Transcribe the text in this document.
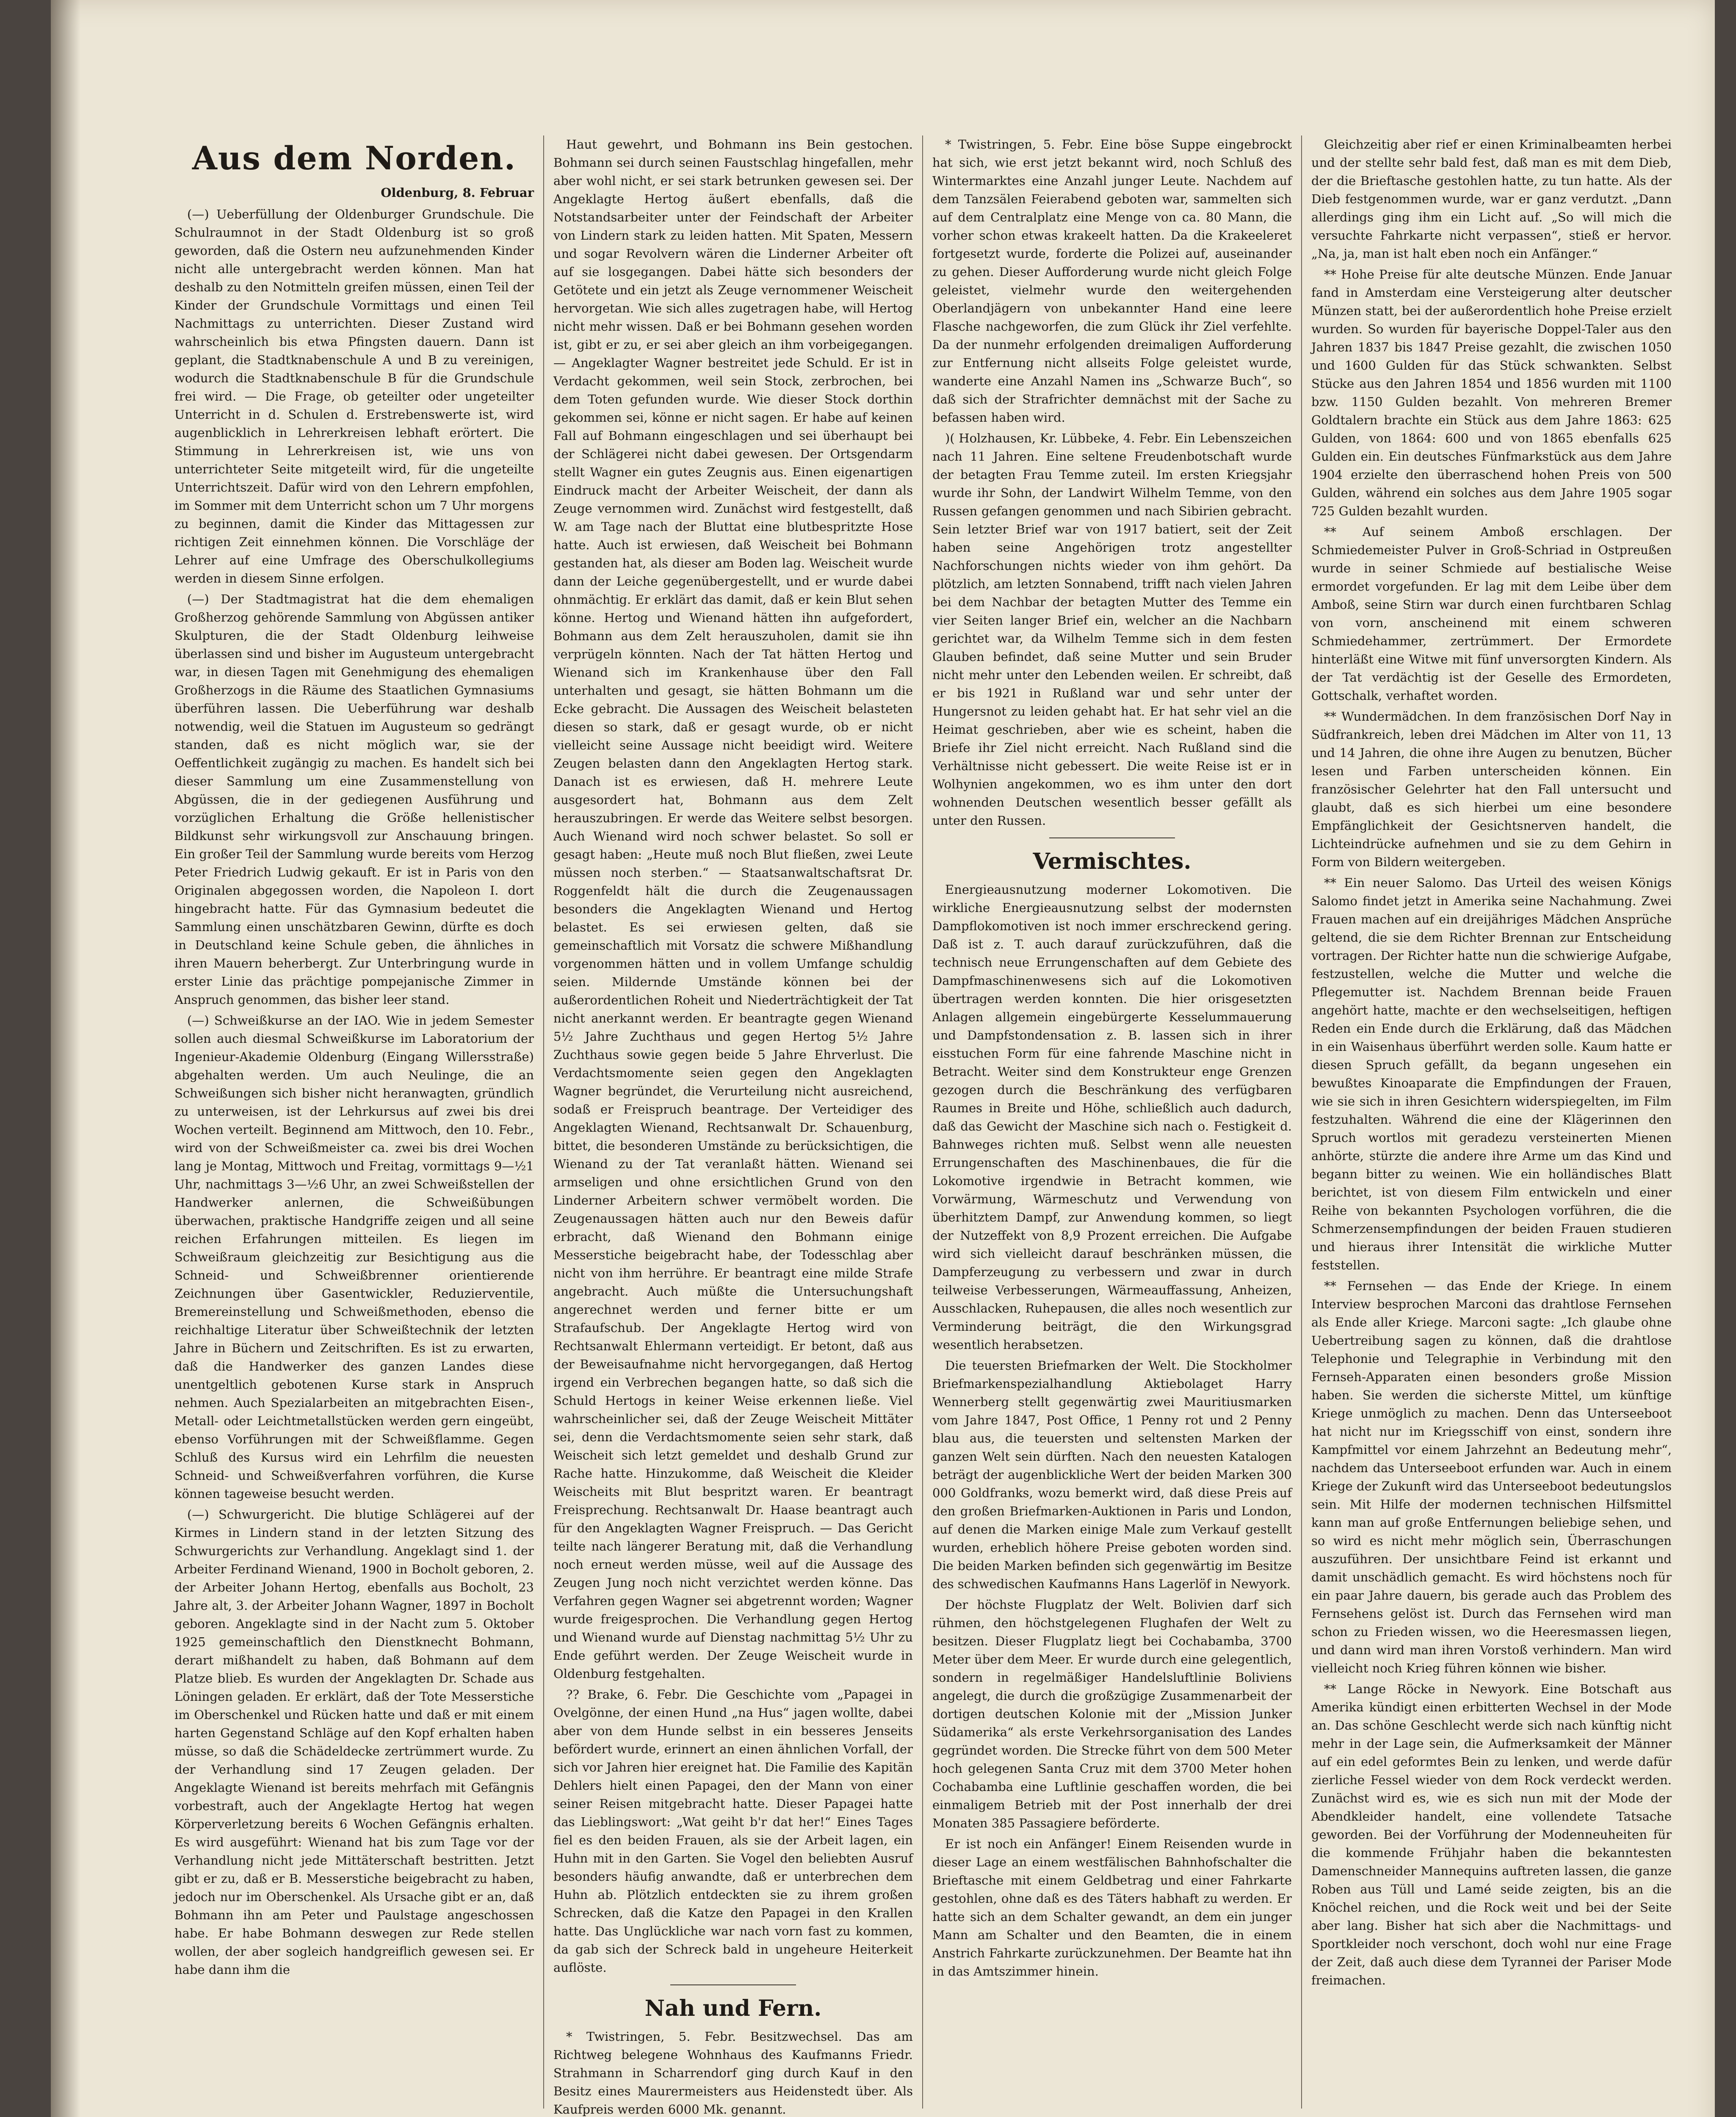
Aus dem Norden.
Oldenburg, 8. Februar

(—) Ueberfüllung der Oldenburger Grundschule. Die Schulraumnot in der Stadt Oldenburg ist so groß geworden, daß die Ostern neu aufzunehmenden Kinder nicht alle untergebracht werden können. Man hat deshalb zu den Notmitteln greifen müssen, einen Teil der Kinder der Grundschule Vormittags und einen Teil Nachmittags zu unterrichten. Dieser Zustand wird wahrscheinlich bis etwa Pfingsten dauern. Dann ist geplant, die Stadtknabenschule A und B zu vereinigen, wodurch die Stadtknabenschule B für die Grundschule frei wird. — Die Frage, ob geteilter oder ungeteilter Unterricht in d. Schulen d. Erstrebenswerte ist, wird augenblicklich in Lehrerkreisen lebhaft erörtert. Die Stimmung in Lehrerkreisen ist, wie uns von unterrichteter Seite mitgeteilt wird, für die ungeteilte Unterrichtszeit. Dafür wird von den Lehrern empfohlen, im Sommer mit dem Unterricht schon um 7 Uhr morgens zu beginnen, damit die Kinder das Mittagessen zur richtigen Zeit einnehmen können. Die Vorschläge der Lehrer auf eine Umfrage des Oberschulkollegiums werden in diesem Sinne erfolgen.

(—) Der Stadtmagistrat hat die dem ehemaligen Großherzog gehörende Sammlung von Abgüssen antiker Skulpturen, die der Stadt Oldenburg leihweise überlassen sind und bisher im Augusteum untergebracht war, in diesen Tagen mit Genehmigung des ehemaligen Großherzogs in die Räume des Staatlichen Gymnasiums überführen lassen. Die Ueberführung war deshalb notwendig, weil die Statuen im Augusteum so gedrängt standen, daß es nicht möglich war, sie der Oeffentlichkeit zugängig zu machen. Es handelt sich bei dieser Sammlung um eine Zusammenstellung von Abgüssen, die in der gediegenen Ausführung und vorzüglichen Erhaltung die Größe hellenistischer Bildkunst sehr wirkungsvoll zur Anschauung bringen. Ein großer Teil der Sammlung wurde bereits vom Herzog Peter Friedrich Ludwig gekauft. Er ist in Paris von den Originalen abgegossen worden, die Napoleon I. dort hingebracht hatte. Für das Gymnasium bedeutet die Sammlung einen unschätzbaren Gewinn, dürfte es doch in Deutschland keine Schule geben, die ähnliches in ihren Mauern beherbergt. Zur Unterbringung wurde in erster Linie das prächtige pompejanische Zimmer in Anspruch genommen, das bisher leer stand.

(—) Schweißkurse an der IAO. Wie in jedem Semester sollen auch diesmal Schweißkurse im Laboratorium der Ingenieur-Akademie Oldenburg (Eingang Willersstraße) abgehalten werden. Um auch Neulinge, die an Schweißungen sich bisher nicht heranwagten, gründlich zu unterweisen, ist der Lehrkursus auf zwei bis drei Wochen verteilt. Beginnend am Mittwoch, den 10. Febr., wird von der Schweißmeister ca. zwei bis drei Wochen lang je Montag, Mittwoch und Freitag, vormittags 9—½1 Uhr, nachmittags 3—½6 Uhr, an zwei Schweißstellen der Handwerker anlernen, die Schweißübungen überwachen, praktische Handgriffe zeigen und all seine reichen Erfahrungen mitteilen. Es liegen im Schweißraum gleichzeitig zur Besichtigung aus die Schneid- und Schweißbrenner orientierende Zeichnungen über Gasentwickler, Reduzierventile, Bremereinstellung und Schweißmethoden, ebenso die reichhaltige Literatur über Schweißtechnik der letzten Jahre in Büchern und Zeitschriften. Es ist zu erwarten, daß die Handwerker des ganzen Landes diese unentgeltlich gebotenen Kurse stark in Anspruch nehmen. Auch Spezialarbeiten an mitgebrachten Eisen-, Metall- oder Leichtmetallstücken werden gern eingeübt, ebenso Vorführungen mit der Schweißflamme. Gegen Schluß des Kursus wird ein Lehrfilm die neuesten Schneid- und Schweißverfahren vorführen, die Kurse können tageweise besucht werden.

(—) Schwurgericht. Die blutige Schlägerei auf der Kirmes in Lindern stand in der letzten Sitzung des Schwurgerichts zur Verhandlung. Angeklagt sind 1. der Arbeiter Ferdinand Wienand, 1900 in Bocholt geboren, 2. der Arbeiter Johann Hertog, ebenfalls aus Bocholt, 23 Jahre alt, 3. der Arbeiter Johann Wagner, 1897 in Bocholt geboren. Angeklagte sind in der Nacht zum 5. Oktober 1925 gemeinschaftlich den Dienstknecht Bohmann, derart mißhandelt zu haben, daß Bohmann auf dem Platze blieb. Es wurden der Angeklagten Dr. Schade aus Löningen geladen. Er erklärt, daß der Tote Messerstiche im Oberschenkel und Rücken hatte und daß er mit einem harten Gegenstand Schläge auf den Kopf erhalten haben müsse, so daß die Schädeldecke zertrümmert wurde. Zu der Verhandlung sind 17 Zeugen geladen. Der Angeklagte Wienand ist bereits mehrfach mit Gefängnis vorbestraft, auch der Angeklagte Hertog hat wegen Körperverletzung bereits 6 Wochen Gefängnis erhalten. Es wird ausgeführt: Wienand hat bis zum Tage vor der Verhandlung nicht jede Mittäterschaft bestritten. Jetzt gibt er zu, daß er B. Messerstiche beigebracht zu haben, jedoch nur im Oberschenkel. Als Ursache gibt er an, daß Bohmann ihn am Peter und Paulstage angeschossen habe. Er habe Bohmann deswegen zur Rede stellen wollen, der aber sogleich handgreiflich gewesen sei. Er habe dann ihm die

Haut gewehrt, und Bohmann ins Bein gestochen. Bohmann sei durch seinen Faustschlag hingefallen, mehr aber wohl nicht, er sei stark betrunken gewesen sei. Der Angeklagte Hertog äußert ebenfalls, daß die Notstandsarbeiter unter der Feindschaft der Arbeiter von Lindern stark zu leiden hatten. Mit Spaten, Messern und sogar Revolvern wären die Linderner Arbeiter oft auf sie losgegangen. Dabei hätte sich besonders der Getötete und ein jetzt als Zeuge vernommener Weischeit hervorgetan. Wie sich alles zugetragen habe, will Hertog nicht mehr wissen. Daß er bei Bohmann gesehen worden ist, gibt er zu, er sei aber gleich an ihm vorbeigegangen. — Angeklagter Wagner bestreitet jede Schuld. Er ist in Verdacht gekommen, weil sein Stock, zerbrochen, bei dem Toten gefunden wurde. Wie dieser Stock dorthin gekommen sei, könne er nicht sagen. Er habe auf keinen Fall auf Bohmann eingeschlagen und sei überhaupt bei der Schlägerei nicht dabei gewesen. Der Ortsgendarm stellt Wagner ein gutes Zeugnis aus. Einen eigenartigen Eindruck macht der Arbeiter Weischeit, der dann als Zeuge vernommen wird. Zunächst wird festgestellt, daß W. am Tage nach der Bluttat eine blutbespritzte Hose hatte. Auch ist erwiesen, daß Weischeit bei Bohmann gestanden hat, als dieser am Boden lag. Weischeit wurde dann der Leiche gegenübergestellt, und er wurde dabei ohnmächtig. Er erklärt das damit, daß er kein Blut sehen könne. Hertog und Wienand hätten ihn aufgefordert, Bohmann aus dem Zelt herauszuholen, damit sie ihn verprügeln könnten. Nach der Tat hätten Hertog und Wienand sich im Krankenhause über den Fall unterhalten und gesagt, sie hätten Bohmann um die Ecke gebracht. Die Aussagen des Weischeit belasteten diesen so stark, daß er gesagt wurde, ob er nicht vielleicht seine Aussage nicht beeidigt wird. Weitere Zeugen belasten dann den Angeklagten Hertog stark. Danach ist es erwiesen, daß H. mehrere Leute ausgesordert hat, Bohmann aus dem Zelt herauszubringen. Er werde das Weitere selbst besorgen. Auch Wienand wird noch schwer belastet. So soll er gesagt haben: „Heute muß noch Blut fließen, zwei Leute müssen noch sterben.“ — Staatsanwaltschaftsrat Dr. Roggenfeldt hält die durch die Zeugenaussagen besonders die Angeklagten Wienand und Hertog belastet. Es sei erwiesen gelten, daß sie gemeinschaftlich mit Vorsatz die schwere Mißhandlung vorgenommen hätten und in vollem Umfange schuldig seien. Mildernde Umstände können bei der außerordentlichen Roheit und Niederträchtigkeit der Tat nicht anerkannt werden. Er beantragte gegen Wienand 5½ Jahre Zuchthaus und gegen Hertog 5½ Jahre Zuchthaus sowie gegen beide 5 Jahre Ehrverlust. Die Verdachtsmomente seien gegen den Angeklagten Wagner begründet, die Verurteilung nicht ausreichend, sodaß er Freispruch beantrage. Der Verteidiger des Angeklagten Wienand, Rechtsanwalt Dr. Schauenburg, bittet, die besonderen Umstände zu berücksichtigen, die Wienand zu der Tat veranlaßt hätten. Wienand sei armseligen und ohne ersichtlichen Grund von den Linderner Arbeitern schwer vermöbelt worden. Die Zeugenaussagen hätten auch nur den Beweis dafür erbracht, daß Wienand den Bohmann einige Messerstiche beigebracht habe, der Todesschlag aber nicht von ihm herrühre. Er beantragt eine milde Strafe angebracht. Auch müßte die Untersuchungshaft angerechnet werden und ferner bitte er um Strafaufschub. Der Angeklagte Hertog wird von Rechtsanwalt Ehlermann verteidigt. Er betont, daß aus der Beweisaufnahme nicht hervorgegangen, daß Hertog irgend ein Verbrechen begangen hatte, so daß sich die Schuld Hertogs in keiner Weise erkennen ließe. Viel wahrscheinlicher sei, daß der Zeuge Weischeit Mittäter sei, denn die Verdachtsmomente seien sehr stark, daß Weischeit sich letzt gemeldet und deshalb Grund zur Rache hatte. Hinzukomme, daß Weischeit die Kleider Weischeits mit Blut bespritzt waren. Er beantragt Freisprechung. Rechtsanwalt Dr. Haase beantragt auch für den Angeklagten Wagner Freispruch. — Das Gericht teilte nach längerer Beratung mit, daß die Verhandlung noch erneut werden müsse, weil auf die Aussage des Zeugen Jung noch nicht verzichtet werden könne. Das Verfahren gegen Wagner sei abgetrennt worden; Wagner wurde freigesprochen. Die Verhandlung gegen Hertog und Wienand wurde auf Dienstag nachmittag 5½ Uhr zu Ende geführt werden. Der Zeuge Weischeit wurde in Oldenburg festgehalten.

?? Brake, 6. Febr. Die Geschichte vom „Papagei in Ovelgönne, der einen Hund „na Hus“ jagen wollte, dabei aber von dem Hunde selbst in ein besseres Jenseits befördert wurde, erinnert an einen ähnlichen Vorfall, der sich vor Jahren hier ereignet hat. Die Familie des Kapitän Dehlers hielt einen Papagei, den der Mann von einer seiner Reisen mitgebracht hatte. Dieser Papagei hatte das Lieblingswort: „Wat geiht b'r dat her!“ Eines Tages fiel es den beiden Frauen, als sie der Arbeit lagen, ein Huhn mit in den Garten. Sie Vogel den beliebten Ausruf besonders häufig anwandte, daß er unterbrechen dem Huhn ab. Plötzlich entdeckten sie zu ihrem großen Schrecken, daß die Katze den Papagei in den Krallen hatte. Das Unglückliche war nach vorn fast zu kommen, da gab sich der Schreck bald in ungeheure Heiterkeit auflöste.

Nah und Fern.

* Twistringen, 5. Febr. Besitzwechsel. Das am Richtweg belegene Wohnhaus des Kaufmanns Friedr. Strahmann in Scharrendorf ging durch Kauf in den Besitz eines Maurermeisters aus Heidenstedt über. Als Kaufpreis werden 6000 Mk. genannt.

* Twistringen, 5. Febr. Eine böse Suppe eingebrockt hat sich, wie erst jetzt bekannt wird, noch Schluß des Wintermarktes eine Anzahl junger Leute. Nachdem auf dem Tanzsälen Feierabend geboten war, sammelten sich auf dem Centralplatz eine Menge von ca. 80 Mann, die vorher schon etwas krakeelt hatten. Da die Krakeeleret fortgesetzt wurde, forderte die Polizei auf, auseinander zu gehen. Dieser Aufforderung wurde nicht gleich Folge geleistet, vielmehr wurde den weitergehenden Oberlandjägern von unbekannter Hand eine leere Flasche nachgeworfen, die zum Glück ihr Ziel verfehlte. Da der nunmehr erfolgenden dreimaligen Aufforderung zur Entfernung nicht allseits Folge geleistet wurde, wanderte eine Anzahl Namen ins „Schwarze Buch“, so daß sich der Strafrichter demnächst mit der Sache zu befassen haben wird.

)( Holzhausen, Kr. Lübbeke, 4. Febr. Ein Lebenszeichen nach 11 Jahren. Eine seltene Freudenbotschaft wurde der betagten Frau Temme zuteil. Im ersten Kriegsjahr wurde ihr Sohn, der Landwirt Wilhelm Temme, von den Russen gefangen genommen und nach Sibirien gebracht. Sein letzter Brief war von 1917 batiert, seit der Zeit haben seine Angehörigen trotz angestellter Nachforschungen nichts wieder von ihm gehört. Da plötzlich, am letzten Sonnabend, trifft nach vielen Jahren bei dem Nachbar der betagten Mutter des Temme ein vier Seiten langer Brief ein, welcher an die Nachbarn gerichtet war, da Wilhelm Temme sich in dem festen Glauben befindet, daß seine Mutter und sein Bruder nicht mehr unter den Lebenden weilen. Er schreibt, daß er bis 1921 in Rußland war und sehr unter der Hungersnot zu leiden gehabt hat. Er hat sehr viel an die Heimat geschrieben, aber wie es scheint, haben die Briefe ihr Ziel nicht erreicht. Nach Rußland sind die Verhältnisse nicht gebessert. Die weite Reise ist er in Wolhynien angekommen, wo es ihm unter den dort wohnenden Deutschen wesentlich besser gefällt als unter den Russen.

Vermischtes.

Energieausnutzung moderner Lokomotiven. Die wirkliche Energieausnutzung selbst der modernsten Dampflokomotiven ist noch immer erschreckend gering. Daß ist z. T. auch darauf zurückzuführen, daß die technisch neue Errungenschaften auf dem Gebiete des Dampfmaschinenwesens sich auf die Lokomotiven übertragen werden konnten. Die hier orisgesetzten Anlagen allgemein eingebürgerte Kesselummauerung und Dampfstondensation z. B. lassen sich in ihrer eisstuchen Form für eine fahrende Maschine nicht in Betracht. Weiter sind dem Konstrukteur enge Grenzen gezogen durch die Beschränkung des verfügbaren Raumes in Breite und Höhe, schließlich auch dadurch, daß das Gewicht der Maschine sich nach o. Festigkeit d. Bahnweges richten muß. Selbst wenn alle neuesten Errungenschaften des Maschinenbaues, die für die Lokomotive irgendwie in Betracht kommen, wie Vorwärmung, Wärmeschutz und Verwendung von überhitztem Dampf, zur Anwendung kommen, so liegt der Nutzeffekt von 8,9 Prozent erreichen. Die Aufgabe wird sich vielleicht darauf beschränken müssen, die Dampferzeugung zu verbessern und zwar in durch teilweise Verbesserungen, Wärmeauffassung, Anheizen, Ausschlacken, Ruhepausen, die alles noch wesentlich zur Verminderung beiträgt, die den Wirkungsgrad wesentlich herabsetzen.

Die teuersten Briefmarken der Welt. Die Stockholmer Briefmarkenspezialhandlung Aktiebolaget Harry Wennerberg stellt gegenwärtig zwei Mauritiusmarken vom Jahre 1847, Post Office, 1 Penny rot und 2 Penny blau aus, die teuersten und seltensten Marken der ganzen Welt sein dürften. Nach den neuesten Katalogen beträgt der augenblickliche Wert der beiden Marken 300 000 Goldfranks, wozu bemerkt wird, daß diese Preis auf den großen Briefmarken-Auktionen in Paris und London, auf denen die Marken einige Male zum Verkauf gestellt wurden, erheblich höhere Preise geboten worden sind. Die beiden Marken befinden sich gegenwärtig im Besitze des schwedischen Kaufmanns Hans Lagerlöf in Newyork.

Der höchste Flugplatz der Welt. Bolivien darf sich rühmen, den höchstgelegenen Flughafen der Welt zu besitzen. Dieser Flugplatz liegt bei Cochabamba, 3700 Meter über dem Meer. Er wurde durch eine gelegentlich, sondern in regelmäßiger Handelsluftlinie Boliviens angelegt, die durch die großzügige Zusammenarbeit der dortigen deutschen Kolonie mit der „Mission Junker Südamerika“ als erste Verkehrsorganisation des Landes gegründet worden. Die Strecke führt von dem 500 Meter hoch gelegenen Santa Cruz mit dem 3700 Meter hohen Cochabamba eine Luftlinie geschaffen worden, die bei einmaligem Betrieb mit der Post innerhalb der drei Monaten 385 Passagiere beförderte.

Er ist noch ein Anfänger! Einem Reisenden wurde in dieser Lage an einem westfälischen Bahnhofschalter die Brieftasche mit einem Geldbetrag und einer Fahrkarte gestohlen, ohne daß es des Täters habhaft zu werden. Er hatte sich an dem Schalter gewandt, an dem ein junger Mann am Schalter und den Beamten, die in einem Anstrich Fahrkarte zurückzunehmen. Der Beamte hat ihn in das Amtszimmer hinein.

Gleichzeitig aber rief er einen Kriminalbeamten herbei und der stellte sehr bald fest, daß man es mit dem Dieb, der die Brieftasche gestohlen hatte, zu tun hatte. Als der Dieb festgenommen wurde, war er ganz verdutzt. „Dann allerdings ging ihm ein Licht auf. „So will mich die versuchte Fahrkarte nicht verpassen“, stieß er hervor. „Na, ja, man ist halt eben noch ein Anfänger.“

** Hohe Preise für alte deutsche Münzen. Ende Januar fand in Amsterdam eine Versteigerung alter deutscher Münzen statt, bei der außerordentlich hohe Preise erzielt wurden. So wurden für bayerische Doppel-Taler aus den Jahren 1837 bis 1847 Preise gezahlt, die zwischen 1050 und 1600 Gulden für das Stück schwankten. Selbst Stücke aus den Jahren 1854 und 1856 wurden mit 1100 bzw. 1150 Gulden bezahlt. Von mehreren Bremer Goldtalern brachte ein Stück aus dem Jahre 1863: 625 Gulden, von 1864: 600 und von 1865 ebenfalls 625 Gulden ein. Ein deutsches Fünfmarkstück aus dem Jahre 1904 erzielte den überraschend hohen Preis von 500 Gulden, während ein solches aus dem Jahre 1905 sogar 725 Gulden bezahlt wurden.

** Auf seinem Amboß erschlagen. Der Schmiedemeister Pulver in Groß-Schriad in Ostpreußen wurde in seiner Schmiede auf bestialische Weise ermordet vorgefunden. Er lag mit dem Leibe über dem Amboß, seine Stirn war durch einen furchtbaren Schlag von vorn, anscheinend mit einem schweren Schmiedehammer, zertrümmert. Der Ermordete hinterläßt eine Witwe mit fünf unversorgten Kindern. Als der Tat verdächtig ist der Geselle des Ermordeten, Gottschalk, verhaftet worden.

** Wundermädchen. In dem französischen Dorf Nay in Südfrankreich, leben drei Mädchen im Alter von 11, 13 und 14 Jahren, die ohne ihre Augen zu benutzen, Bücher lesen und Farben unterscheiden können. Ein französischer Gelehrter hat den Fall untersucht und glaubt, daß es sich hierbei um eine besondere Empfänglichkeit der Gesichtsnerven handelt, die Lichteindrücke aufnehmen und sie zu dem Gehirn in Form von Bildern weitergeben.

** Ein neuer Salomo. Das Urteil des weisen Königs Salomo findet jetzt in Amerika seine Nachahmung. Zwei Frauen machen auf ein dreijähriges Mädchen Ansprüche geltend, die sie dem Richter Brennan zur Entscheidung vortragen. Der Richter hatte nun die schwierige Aufgabe, festzustellen, welche die Mutter und welche die Pflegemutter ist. Nachdem Brennan beide Frauen angehört hatte, machte er den wechselseitigen, heftigen Reden ein Ende durch die Erklärung, daß das Mädchen in ein Waisenhaus überführt werden solle. Kaum hatte er diesen Spruch gefällt, da begann ungesehen ein bewußtes Kinoaparate die Empfindungen der Frauen, wie sie sich in ihren Gesichtern widerspiegelten, im Film festzuhalten. Während die eine der Klägerinnen den Spruch wortlos mit geradezu versteinerten Mienen anhörte, stürzte die andere ihre Arme um das Kind und begann bitter zu weinen. Wie ein holländisches Blatt berichtet, ist von diesem Film entwickeln und einer Reihe von bekannten Psychologen vorführen, die die Schmerzensempfindungen der beiden Frauen studieren und hieraus ihrer Intensität die wirkliche Mutter feststellen.

** Fernsehen — das Ende der Kriege. In einem Interview besprochen Marconi das drahtlose Fernsehen als Ende aller Kriege. Marconi sagte: „Ich glaube ohne Uebertreibung sagen zu können, daß die drahtlose Telephonie und Telegraphie in Verbindung mit den Fernseh-Apparaten einen besonders große Mission haben. Sie werden die sicherste Mittel, um künftige Kriege unmöglich zu machen. Denn das Unterseeboot hat nicht nur im Kriegsschiff von einst, sondern ihre Kampfmittel vor einem Jahrzehnt an Bedeutung mehr“, nachdem das Unterseeboot erfunden war. Auch in einem Kriege der Zukunft wird das Unterseeboot bedeutungslos sein. Mit Hilfe der modernen technischen Hilfsmittel kann man auf große Entfernungen beliebige sehen, und so wird es nicht mehr möglich sein, Überraschungen auszuführen. Der unsichtbare Feind ist erkannt und damit unschädlich gemacht. Es wird höchstens noch für ein paar Jahre dauern, bis gerade auch das Problem des Fernsehens gelöst ist. Durch das Fernsehen wird man schon zu Frieden wissen, wo die Heeresmassen liegen, und dann wird man ihren Vorstoß verhindern. Man wird vielleicht noch Krieg führen können wie bisher.

** Lange Röcke in Newyork. Eine Botschaft aus Amerika kündigt einen erbitterten Wechsel in der Mode an. Das schöne Geschlecht werde sich nach künftig nicht mehr in der Lage sein, die Aufmerksamkeit der Männer auf ein edel geformtes Bein zu lenken, und werde dafür zierliche Fessel wieder von dem Rock verdeckt werden. Zunächst wird es, wie es sich nun mit der Mode der Abendkleider handelt, eine vollendete Tatsache geworden. Bei der Vorführung der Modenneuheiten für die kommende Frühjahr haben die bekanntesten Damenschneider Mannequins auftreten lassen, die ganze Roben aus Tüll und Lamé seide zeigten, bis an die Knöchel reichen, und die Rock weit und bei der Seite aber lang. Bisher hat sich aber die Nachmittags- und Sportkleider noch verschont, doch wohl nur eine Frage der Zeit, daß auch diese dem Tyrannei der Pariser Mode freimachen.
